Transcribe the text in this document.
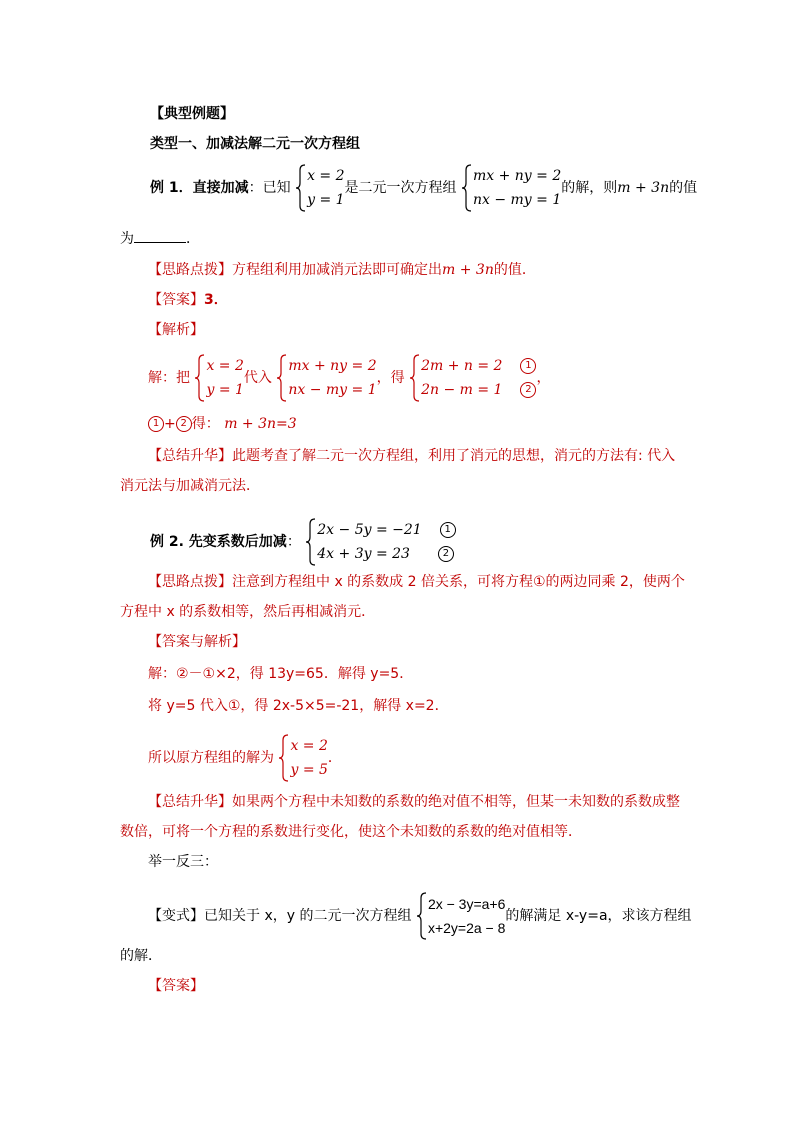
【典型例题】
类型一、加减法解二元一次方程组
例 1．直接加减：已知
x = 2
y = 1
是二元一次方程组
mx + ny = 2
nx − my = 1
的解，则m + 3n的值
为	．
【思路点拨】方程组利用加减消元法即可确定出m + 3n的值．
【答案】3．
【解析】
解：把
x = 2
y = 1
代入
mx + ny = 2
nx − my = 1
，得
2m + n = 2 1
2n − m = 1 2
，
1 + 2 得： m + 3n=3
【总结升华】此题考查了解二元一次方程组，利用了消元的思想，消元的方法有: 代入
消元法与加减消元法．
例 2. 先变系数后加减：
2x − 5y = −21 1
4x + 3y = 23	2
【思路点拨】注意到方程组中 x 的系数成 2 倍关系，可将方程①的两边同乘 2，使两个
方程中 x 的系数相等，然后再相减消元．
【答案与解析】
解：②－①×2，得 13y=65．解得 y=5．
将 y=5 代入①，得 2x-5×5=-21，解得 x=2．
所以原方程组的解为
x = 2
y = 5
．
【总结升华】如果两个方程中未知数的系数的绝对值不相等，但某一未知数的系数成整
数倍，可将一个方程的系数进行变化，使这个未知数的系数的绝对值相等．
举一反三：
【变式】已知关于 x，y 的二元一次方程组
2x − 3y=a+6
x+2y=2a − 8
的解满足 x-y=a，求该方程组
的解．
【答案】
